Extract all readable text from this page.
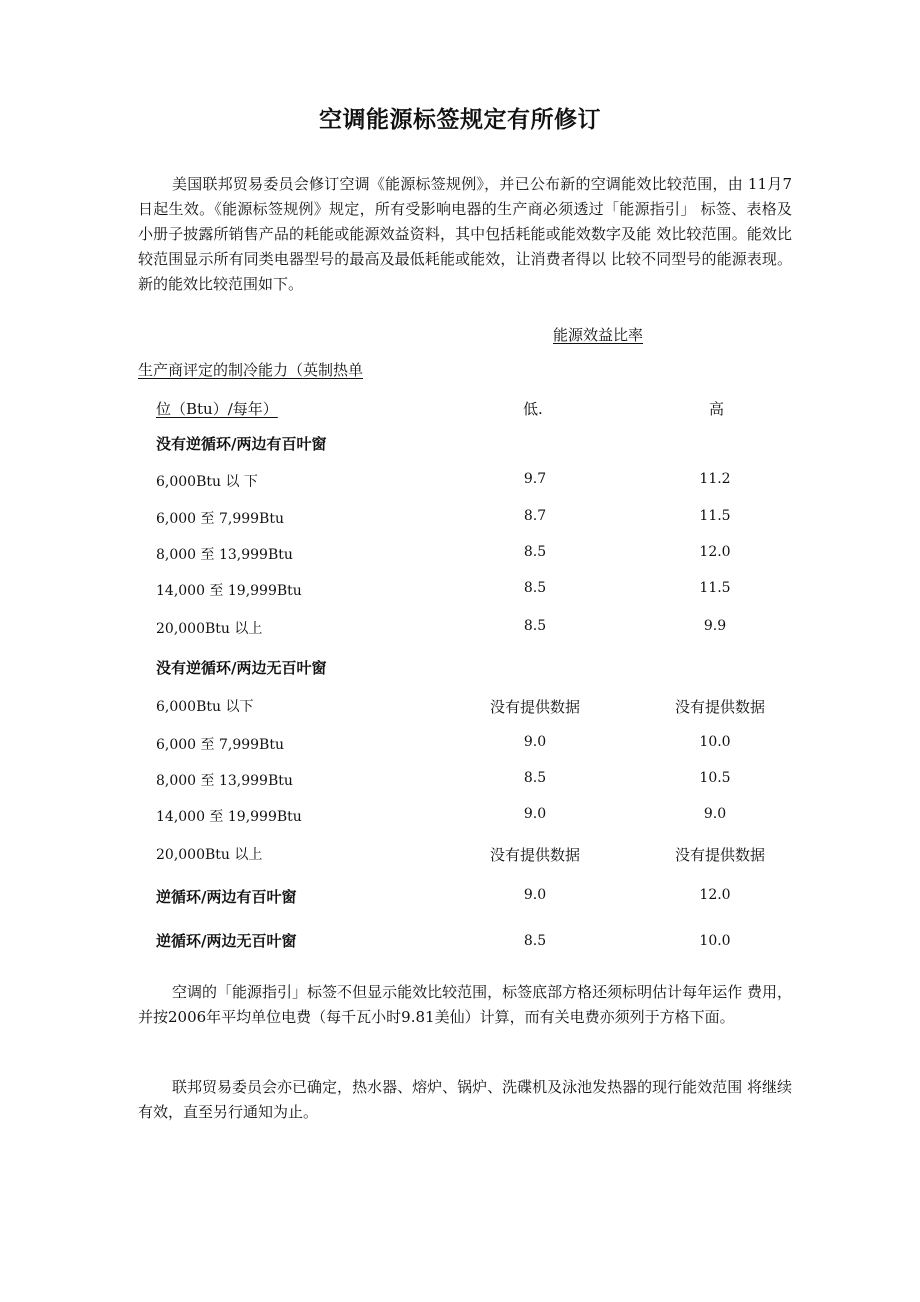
空调能源标签规定有所修订
美国联邦贸易委员会修订空调《能源标签规例》，并已公布新的空调能效比较范围，由 11月7日起生效。《能源标签规例》规定，所有受影响电器的生产商必须透过「能源指引」 标签、表格及小册子披露所销售产品的耗能或能源效益资料，其中包括耗能或能效数字及能 效比较范围。能效比较范围显示所有同类电器型号的最高及最低耗能或能效，让消费者得以 比较不同型号的能源表现。新的能效比较范围如下。
能源效益比率
生产商评定的制冷能力（英制热单
位（Btu）/每年）	低.	高
没有逆循环/两边有百叶窗
6,000Btu 以 下	9.7	11.2
6,000 至 7,999Btu	8.7	11.5
8,000 至 13,999Btu	8.5	12.0
14,000 至 19,999Btu	8.5	11.5
20,000Btu 以上	8.5	9.9
没有逆循环/两边无百叶窗
6,000Btu 以下	没有提供数据	没有提供数据
6,000 至 7,999Btu	9.0	10.0
8,000 至 13,999Btu	8.5	10.5
14,000 至 19,999Btu	9.0	9.0
20,000Btu 以上	没有提供数据	没有提供数据
逆循环/两边有百叶窗	9.0	12.0
逆循环/两边无百叶窗	8.5	10.0
空调的「能源指引」标签不但显示能效比较范围，标签底部方格还须标明估计每年运作 费用，并按2006年平均单位电费（每千瓦小时9.81美仙）计算，而有关电费亦须列于方格下面。
联邦贸易委员会亦已确定，热水器、熔炉、锅炉、洗碟机及泳池发热器的现行能效范围 将继续有效，直至另行通知为止。
